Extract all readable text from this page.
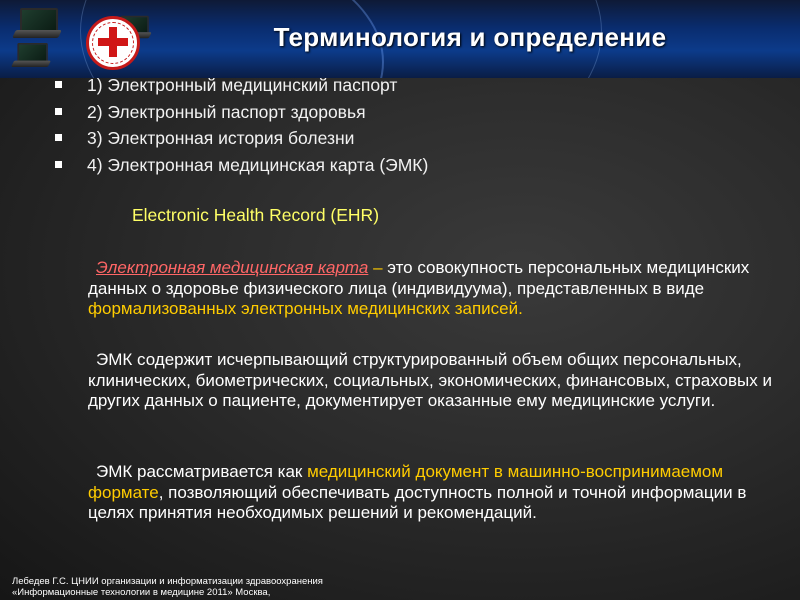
Терминология и определение
1) Электронный медицинский паспорт
2) Электронный паспорт здоровья
3) Электронная история болезни
4) Электронная медицинская карта (ЭМК)

Electronic Health Record (EHR)

Электронная медицинская карта – это совокупность персональных медицинских данных о здоровье физического лица (индивидуума), представленных в виде формализованных электронных медицинских записей.

ЭМК содержит исчерпывающий структурированный объем общих персональных, клинических, биометрических, социальных, экономических, финансовых, страховых и других данных о пациенте, документирует оказанные ему медицинские услуги.

ЭМК рассматривается как медицинский документ в машинно-воспринимаемом формате, позволяющий обеспечивать доступность полной и точной информации в целях принятия необходимых решений и рекомендаций.

Лебедев Г.С. ЦНИИ организации и информатизации здравоохранения
«Информационные технологии в медицине 2011» Москва,
